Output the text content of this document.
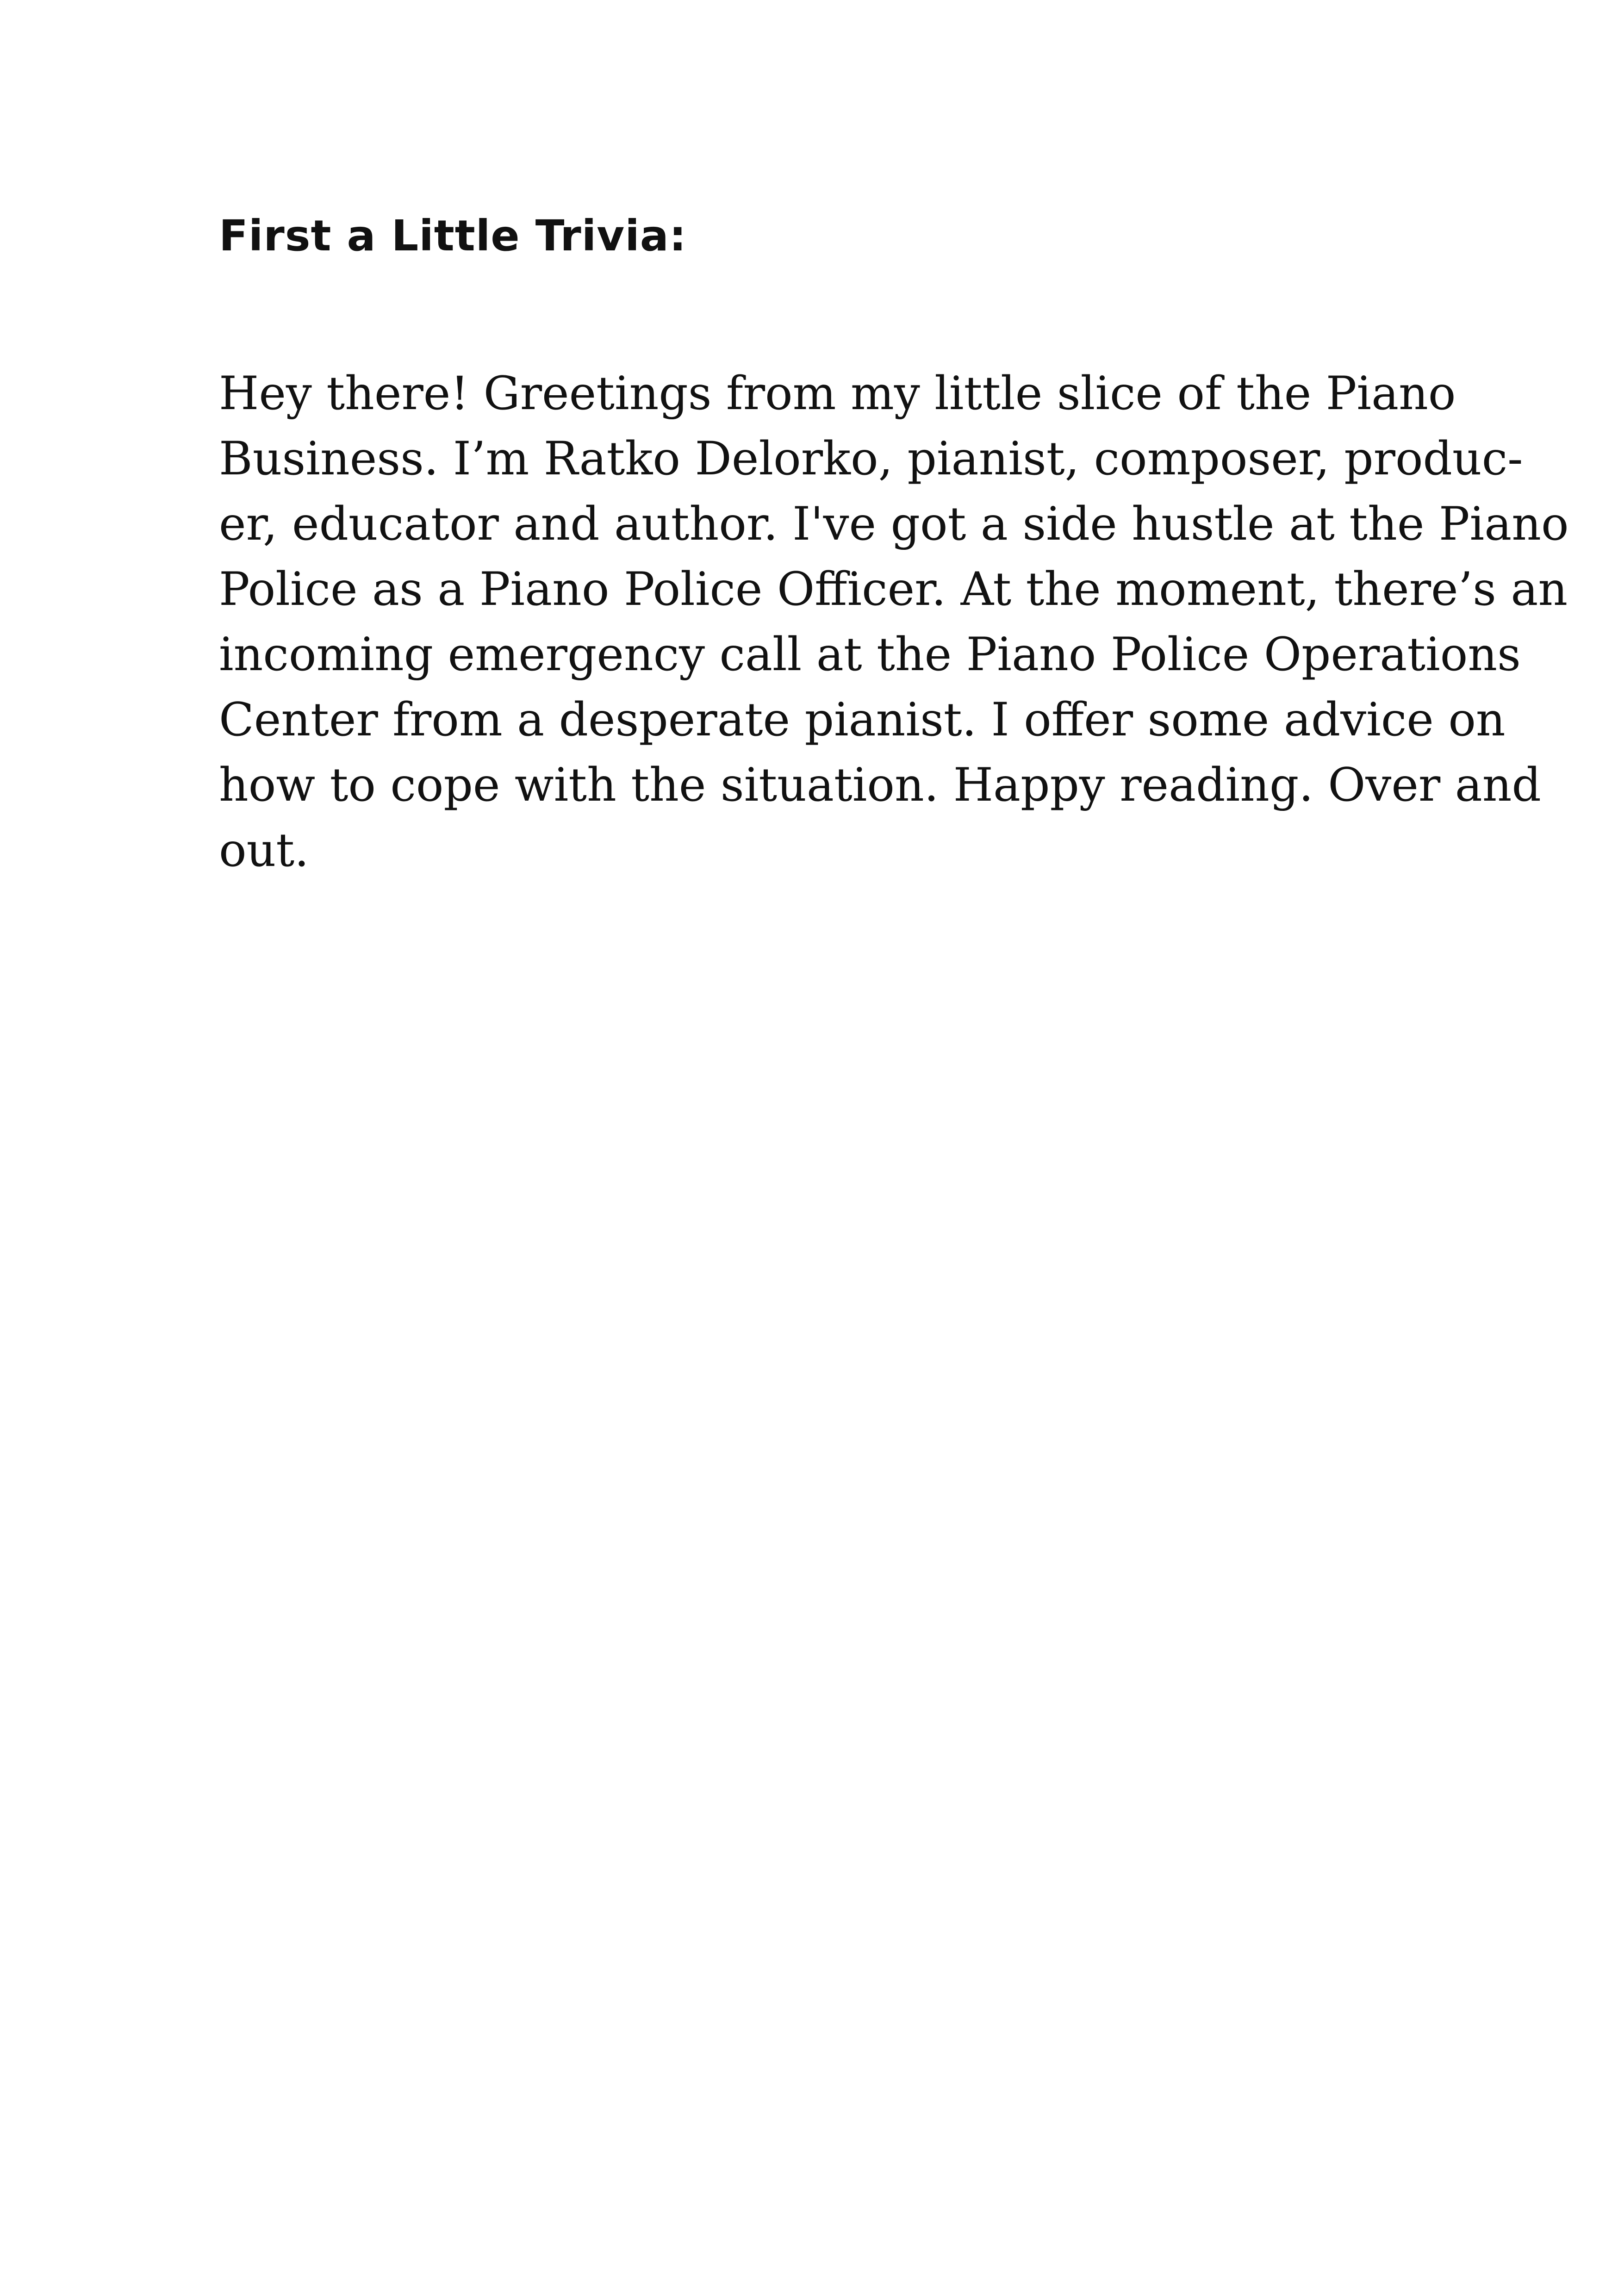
First a Little Trivia:

Hey there! Greetings from my little slice of the Piano
Business. I’m Ratko Delorko, pianist, composer, produc-
er, educator and author. I've got a side hustle at the Piano
Police as a Piano Police Officer. At the moment, there’s an
incoming emergency call at the Piano Police Operations
Center from a desperate pianist. I offer some advice on
how to cope with the situation. Happy reading. Over and
out.
